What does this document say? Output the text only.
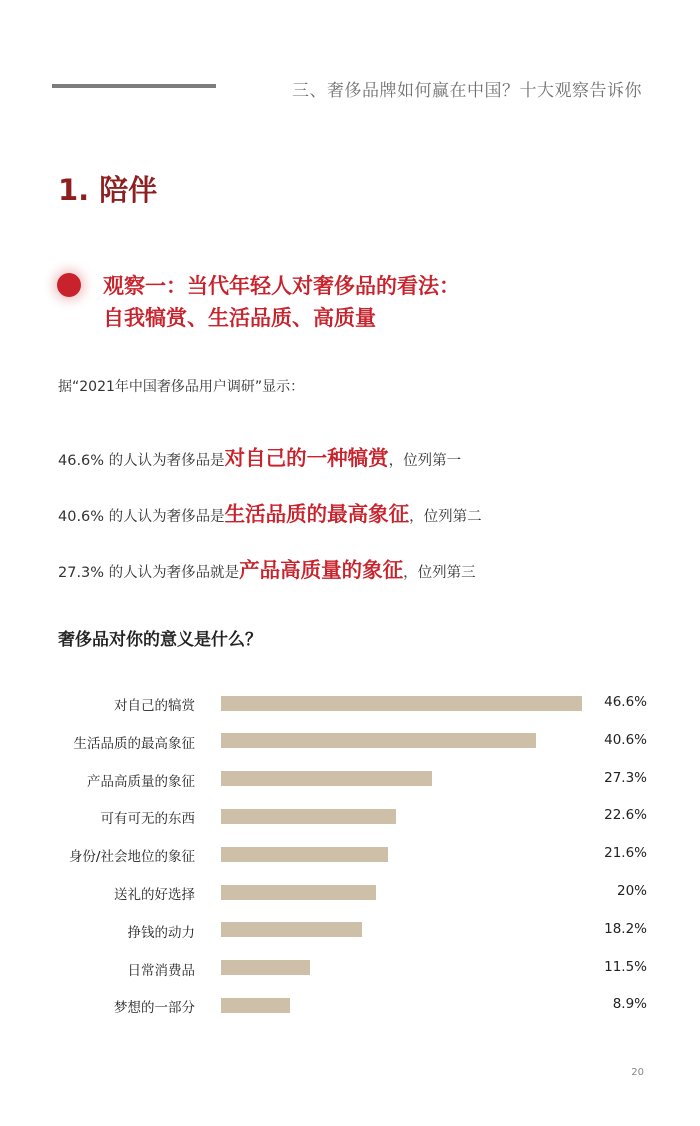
三、奢侈品牌如何赢在中国？十大观察告诉你
1. 陪伴
观察一：当代年轻人对奢侈品的看法：
自我犒赏、生活品质、高质量
据“2021年中国奢侈品用户调研”显示：
46.6% 的人认为奢侈品是对自己的一种犒赏，位列第一
40.6% 的人认为奢侈品是生活品质的最高象征，位列第二
27.3% 的人认为奢侈品就是产品高质量的象征，位列第三
奢侈品对你的意义是什么？
对自己的犒赏	46.6%
生活品质的最高象征	40.6%
产品高质量的象征	27.3%
可有可无的东西	22.6%
身份/社会地位的象征	21.6%
送礼的好选择	20%
挣钱的动力	18.2%
日常消费品	11.5%
梦想的一部分	8.9%
20
